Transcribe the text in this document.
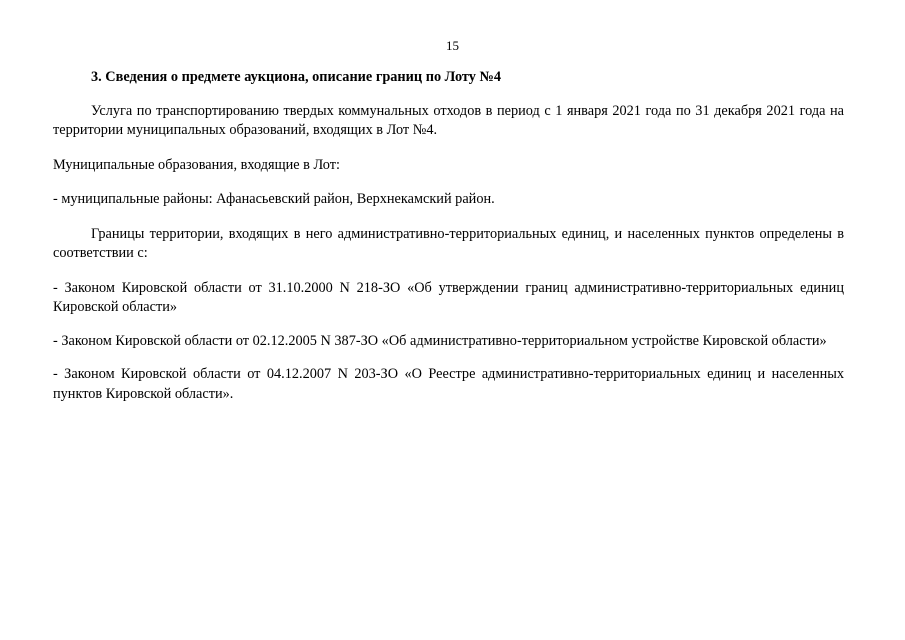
15

3. Сведения о предмете аукциона, описание границ по Лоту №4

Услуга по транспортированию твердых коммунальных отходов в период с 1 января 2021 года по 31 декабря 2021 года на территории муниципальных образований, входящих в Лот №4.

Муниципальные образования, входящие в Лот:

- муниципальные районы: Афанасьевский район, Верхнекамский район.

Границы территории, входящих в него административно-территориальных единиц, и населенных пунктов определены в соответствии с:

- Законом Кировской области от 31.10.2000 N 218-ЗО «Об утверждении границ административно-территориальных единиц Кировской области»
- Законом Кировской области от 02.12.2005 N 387-ЗО «Об административно-территориальном устройстве Кировской области»
- Законом Кировской области от 04.12.2007 N 203-ЗО «О Реестре административно-территориальных единиц и населенных пунктов Кировской области».
